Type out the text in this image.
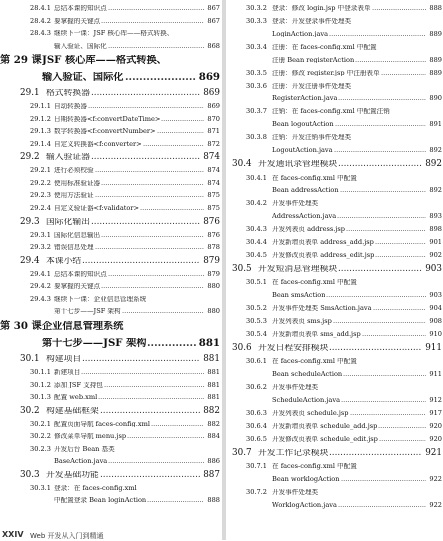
28.4.1 总结本课的知识点 .....	867
28.4.2 要掌握的关键点 .....	867
28.4.3 继续下一课：JSF 核心库——格式转换、
输入验证、国际化 .....	868
第 29 课 JSF 核心库——格式转换、
输入验证、国际化 .....	869
29.1 格式转换器 .....	869
29.1.1 自动转换器 .....	869
29.1.2 日期转换器<f:convertDateTime> .....	870
29.1.3 数字转换器<f:convertNumber> .....	871
29.1.4 自定义转换器<f:converter> .....	872
29.2 输入验证器 .....	874
29.2.1 进行必须校验 .....	874
29.2.2 使用标准验证器 .....	874
29.2.3 使用方法验证 .....	875
29.2.4 自定义验证器<f:validator> .....	875
29.3 国际化输出 .....	876
29.3.1 国际化信息输出 .....	876
29.3.2 错误信息处理 .....	878
29.4 本课小结 .....	879
29.4.1 总结本课的知识点 .....	879
29.4.2 要掌握的关键点 .....	880
29.4.3 继续下一课：企业信息管理系统
第十七步——JSF 架构 .....	880
第 30 课 企业信息管理系统
第十七步——JSF 架构 .....	881
30.1 构建项目 .....	881
30.1.1 新建项目 .....	881
30.1.2 添加 JSF 支持包 .....	881
30.1.3 配置 web.xml .....	881
30.2 构建基础框架 .....	882
30.2.1 配置页面导航 faces-config.xml .....	882
30.2.2 修改菜单导航 menu.jsp .....	884
30.2.3 开发后台 Bean 基类
BaseAction.java .....	886
30.3 开发基础功能 .....	887
30.3.1 登录：在 faces-config.xml
中配置登录 Bean loginAction .....	888
30.3.2 登录：修改 login.jsp 中登录表单 .....	888
30.3.3 登录：开发登录事件处理类
LoginAction.java .....	889
30.3.4 注册：在 faces-config.xml 中配置
注册 Bean registerAction .....	889
30.3.5 注册：修改 register.jsp 中注册表单 .....	889
30.3.6 注册：开发注册事件处理类
RegisterAction.java .....	890
30.3.7 注销：在 faces-config.xml 中配置注销
Bean logoutAction .....	891
30.3.8 注销：开发注销事件处理类
LogoutAction.java .....	892
30.4 开发通讯录管理模块 .....	892
30.4.1 在 faces-config.xml 中配置
Bean addressAction .....	892
30.4.2 开发事件处理类
AddressAction.java .....	893
30.4.3 开发列表页 address.jsp .....	898
30.4.4 开发新增页表单 address_add.jsp .....	901
30.4.5 开发修改页表单 address_edit.jsp .....	902
30.5 开发短消息管理模块 .....	903
30.5.1 在 faces-config.xml 中配置
Bean smsAction .....	903
30.5.2 开发事件处理类 SmsAction.java .....	904
30.5.3 开发列表页 sms.jsp .....	908
30.5.4 开发新增页表单 sms_add.jsp .....	910
30.6 开发日程安排模块 .....	911
30.6.1 在 faces-config.xml 中配置
Bean scheduleAction .....	911
30.6.2 开发事件处理类
ScheduleAction.java .....	912
30.6.3 开发列表页 schedule.jsp .....	917
30.6.4 开发新增页表单 schedule_add.jsp .....	920
30.6.5 开发修改页表单 schedule_edit.jsp .....	920
30.7 开发工作记录模块 .....	921
30.7.1 在 faces-config.xml 中配置
Bean worklogAction .....	922
30.7.2 开发事件处理类
WorklogAction.java .....	922
XXIV Web 开发从入门到精通
